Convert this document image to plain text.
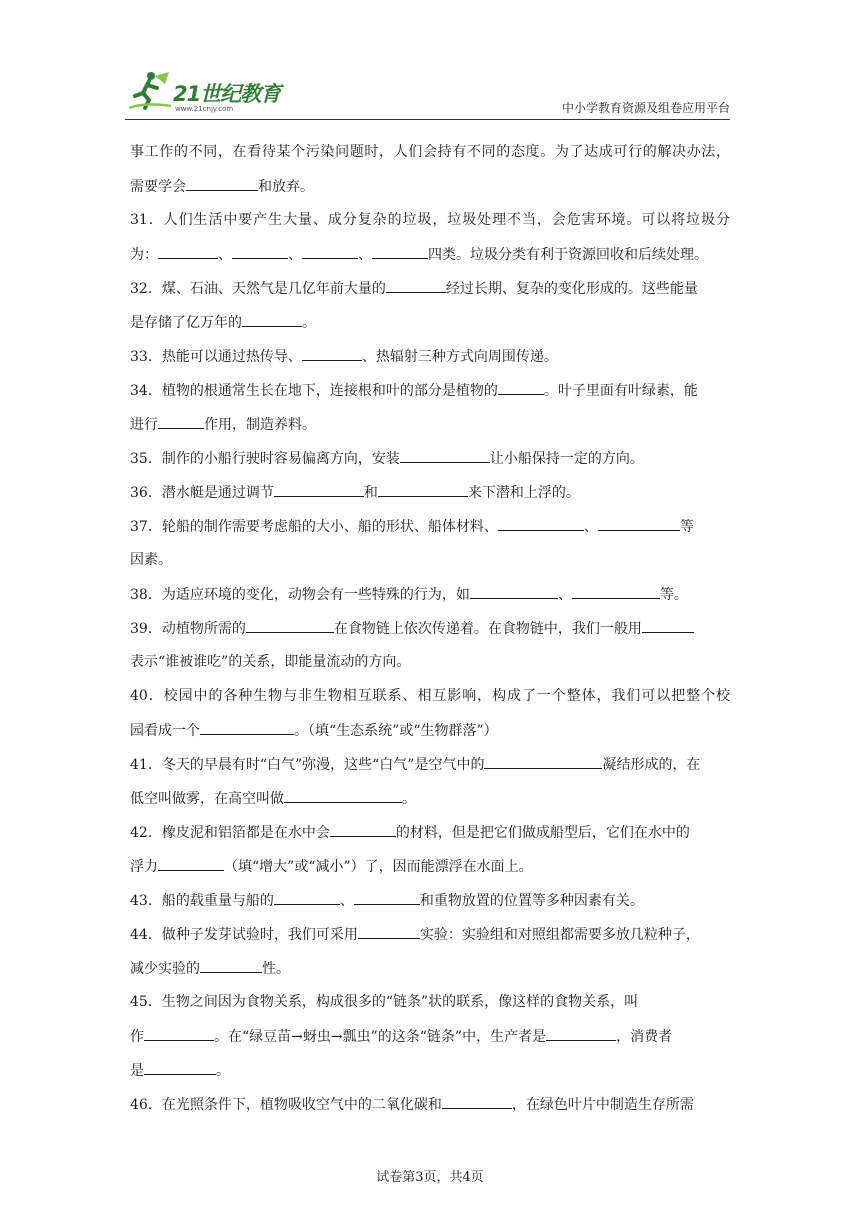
21世纪教育
www.21cnjy.com	中小学教育资源及组卷应用平台
事工作的不同，在看待某个污染问题时，人们会持有不同的态度。为了达成可行的解决办法，
需要学会	和放弃。
31．人们生活中要产生大量、成分复杂的垃圾，垃圾处理不当，会危害环境。可以将垃圾分
为：	、	、	、	四类。垃圾分类有利于资源回收和后续处理。
32．煤、石油、天然气是几亿年前大量的	经过长期、复杂的变化形成的。这些能量
是存储了亿万年的	。
33．热能可以通过热传导、	、热辐射三种方式向周围传递。
34．植物的根通常生长在地下，连接根和叶的部分是植物的	。叶子里面有叶绿素，能
进行	作用，制造养料。
35．制作的小船行驶时容易偏离方向，安装	让小船保持一定的方向。
36．潜水艇是通过调节	和	来下潜和上浮的。
37．轮船的制作需要考虑船的大小、船的形状、船体材料、	、	等
因素。
38．为适应环境的变化，动物会有一些特殊的行为，如	、	等。
39．动植物所需的	在食物链上依次传递着。在食物链中，我们一般用
表示“谁被谁吃”的关系，即能量流动的方向。
40．校园中的各种生物与非生物相互联系、相互影响，构成了一个整体，我们可以把整个校
园看成一个	。（填“生态系统”或“生物群落”）
41．冬天的早晨有时“白气”弥漫，这些“白气”是空气中的	凝结形成的，在
低空叫做雾，在高空叫做	。
42．橡皮泥和铝箔都是在水中会	的材料，但是把它们做成船型后，它们在水中的
浮力	（填“增大”或“减小”）了，因而能漂浮在水面上。
43．船的载重量与船的	、	和重物放置的位置等多种因素有关。
44．做种子发芽试验时，我们可采用	实验：实验组和对照组都需要多放几粒种子，
减少实验的	性。
45．生物之间因为食物关系，构成很多的“链条”状的联系，像这样的食物关系，叫
作	。在“绿豆苗→蚜虫→瓢虫”的这条“链条”中，生产者是	，消费者
是	。
46．在光照条件下，植物吸收空气中的二氧化碳和	，在绿色叶片中制造生存所需
试卷第3页，共4页
